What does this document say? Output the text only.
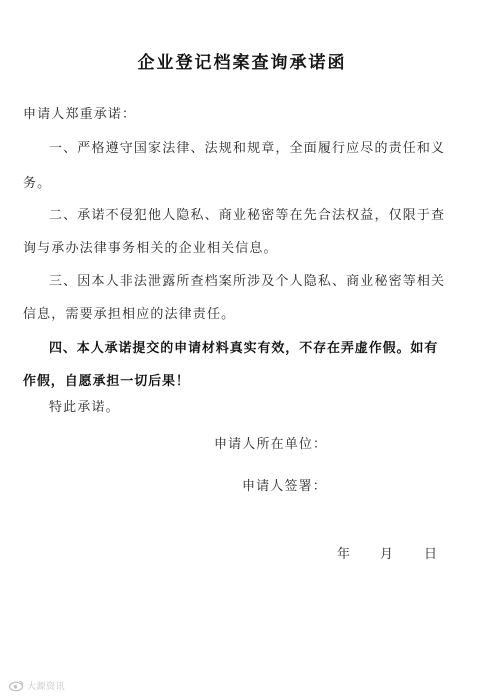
企业登记档案查询承诺函
申请人郑重承诺：
一、严格遵守国家法律、法规和规章，全面履行应尽的责任和义
务。
二、承诺不侵犯他人隐私、商业秘密等在先合法权益，仅限于查
询与承办法律事务相关的企业相关信息。
三、因本人非法泄露所查档案所涉及个人隐私、商业秘密等相关
信息，需要承担相应的法律责任。
四、本人承诺提交的申请材料真实有效，不存在弄虚作假。如有
作假，自愿承担一切后果！
特此承诺。
申请人所在单位：
申请人签署：
年 月 日
大源资讯
